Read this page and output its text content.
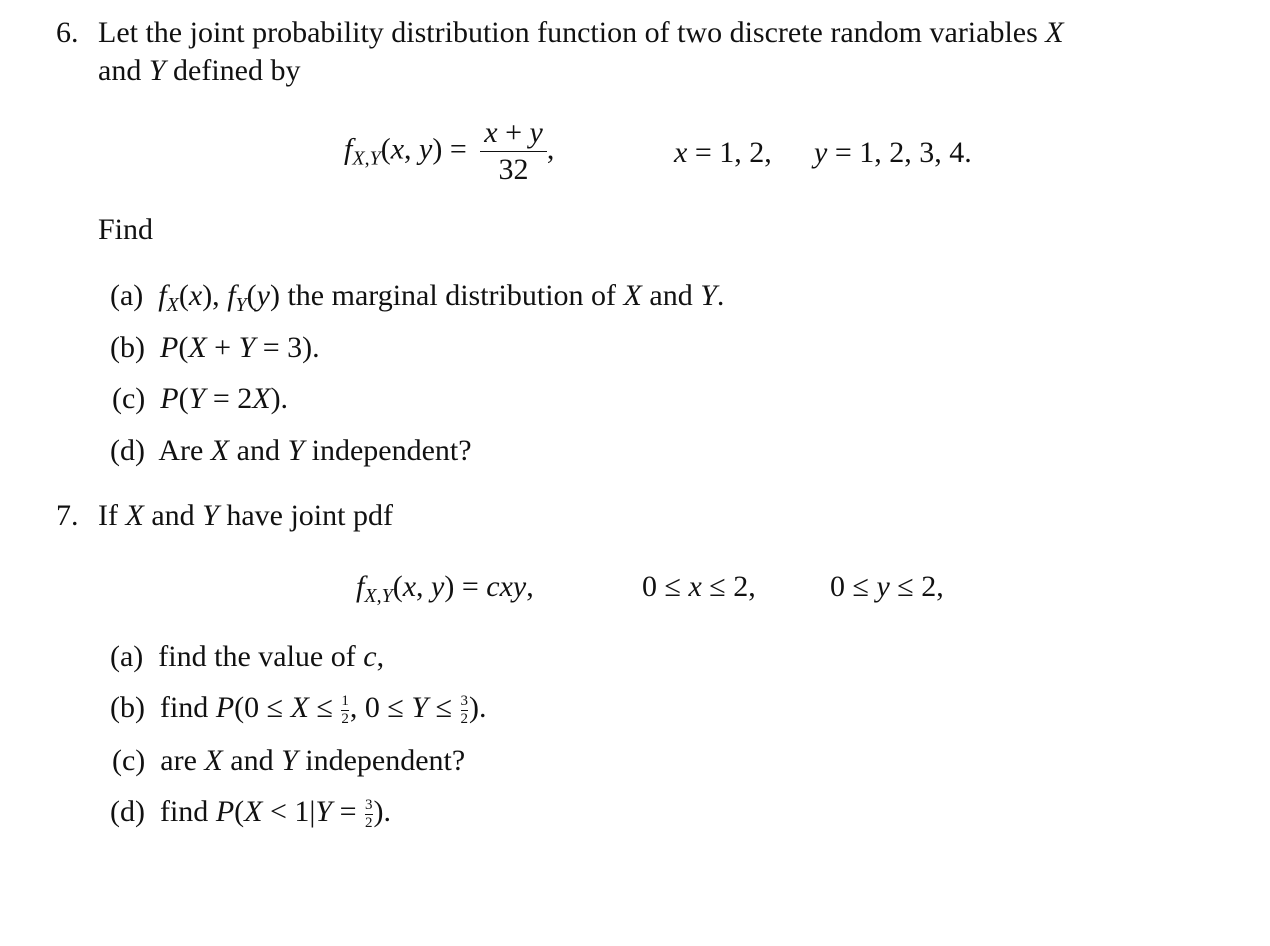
6. Let the joint probability distribution function of two discrete random variables X
and Y defined by
$f_{X,Y}(x$, $y) = \frac{x + y}{32}$ ,	x = 1, 2, y = 1, 2, 3, 4.
Find
(a)  $f_X(x)$, $f_Y(y)$ the marginal distribution of X and Y.
(b)  P(X + Y = 3).
(c)  P(Y = 2X).
(d)  Are X and Y independent?
7. If X and Y have joint pdf
$f_{X,Y}(x$, y) = cxy,	0 ≤ x ≤ 2, 0 ≤ y ≤ 2,
(a)  find the value of c,
(b)  find $P(0 \le X \le \frac{1}{2}$ , $0 \le Y \le \frac{3}{2}$ ).
(c)  are X and Y independent?
(d)  find $P(X < 1|Y = \frac{3}{2}$ ).
